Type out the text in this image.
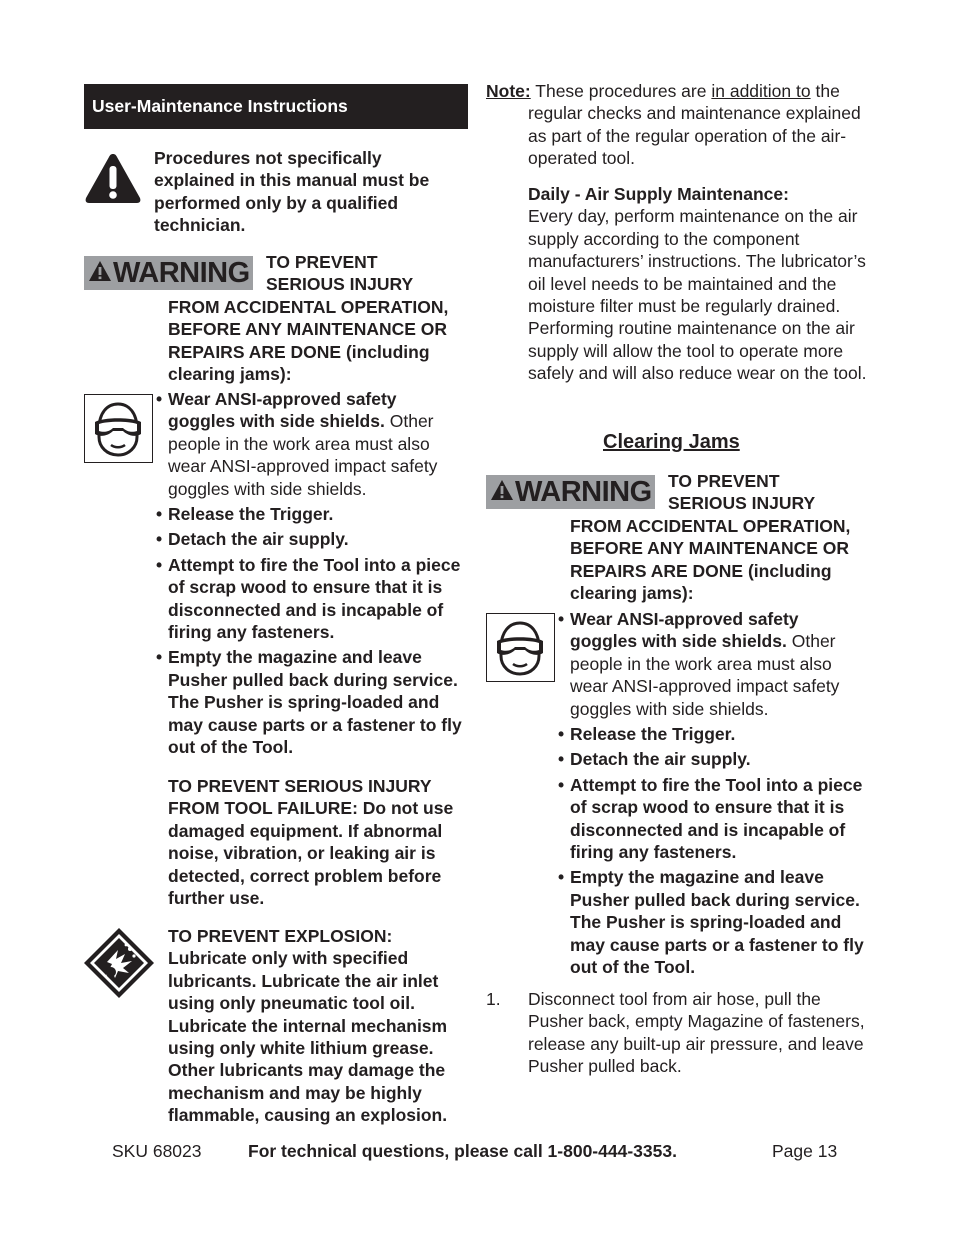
User-Maintenance Instructions
Procedures not specifically explained in this manual must be performed only by a qualified technician.
WARNING TO PREVENT
SERIOUS INJURY
FROM ACCIDENTAL OPERATION, BEFORE ANY MAINTENANCE OR REPAIRS ARE DONE (including clearing jams):
• Wear ANSI-approved safety goggles with side shields. Other people in the work area must also wear ANSI-approved impact safety goggles with side shields.
• Release the Trigger.
• Detach the air supply.
• Attempt to fire the Tool into a piece of scrap wood to ensure that it is disconnected and is incapable of firing any fasteners.
• Empty the magazine and leave Pusher pulled back during service. The Pusher is spring-loaded and may cause parts or a fastener to fly out of the Tool.
TO PREVENT SERIOUS INJURY FROM TOOL FAILURE: Do not use damaged equipment. If abnormal noise, vibration, or leaking air is detected, correct problem before further use.
TO PREVENT EXPLOSION: Lubricate only with specified lubricants. Lubricate the air inlet using only pneumatic tool oil. Lubricate the internal mechanism using only white lithium grease. Other lubricants may damage the mechanism and may be highly flammable, causing an explosion.
Note: These procedures are in addition to the regular checks and maintenance explained as part of the regular operation of the air-operated tool.
Daily - Air Supply Maintenance:
Every day, perform maintenance on the air supply according to the component manufacturers’ instructions. The lubricator’s oil level needs to be maintained and the moisture filter must be regularly drained. Performing routine maintenance on the air supply will allow the tool to operate more safely and will also reduce wear on the tool.
Clearing Jams
WARNING TO PREVENT
SERIOUS INJURY
FROM ACCIDENTAL OPERATION, BEFORE ANY MAINTENANCE OR REPAIRS ARE DONE (including clearing jams):
• Wear ANSI-approved safety goggles with side shields. Other people in the work area must also wear ANSI-approved impact safety goggles with side shields.
• Release the Trigger.
• Detach the air supply.
• Attempt to fire the Tool into a piece of scrap wood to ensure that it is disconnected and is incapable of firing any fasteners.
• Empty the magazine and leave Pusher pulled back during service. The Pusher is spring-loaded and may cause parts or a fastener to fly out of the Tool.
1. Disconnect tool from air hose, pull the Pusher back, empty Magazine of fasteners, release any built-up air pressure, and leave Pusher pulled back.
SKU 68023	For technical questions, please call 1-800-444-3353.	Page 13
